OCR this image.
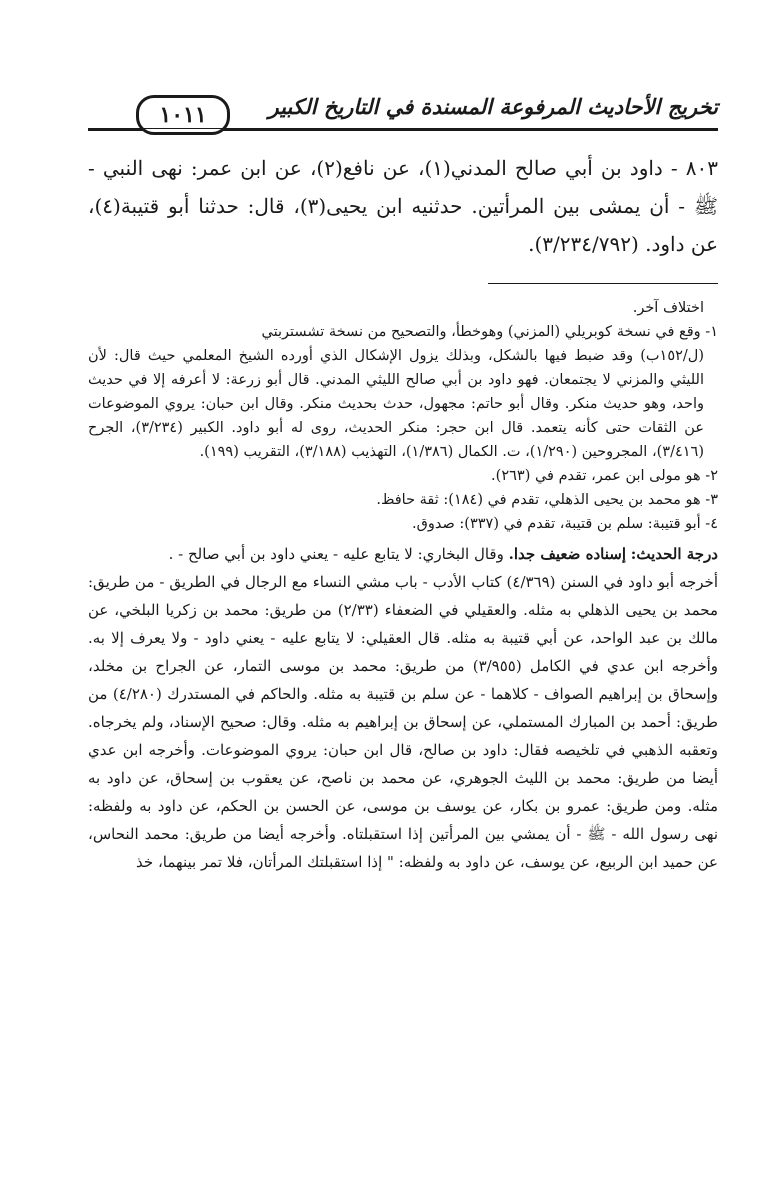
تخريج الأحاديث المرفوعة المسندة في التاريخ الكبير
١٠١١

٨٠٣ - داود بن أبي صالح المدني(١)، عن نافع(٢)، عن ابن عمر: نهى النبي - ﷺ - أن يمشى بين المرأتين. حدثنيه ابن يحيى(٣)، قال: حدثنا أبو قتيبة(٤)، عن داود. (٣/٢٣٤/٧٩٢).

اختلاف آخر.

١- وقع في نسخة كوبريلي (المزني) وهوخطأ، والتصحيح من نسخة تشستربتي

(ل/١٥٢ب) وقد ضبط فيها بالشكل، وبذلك يزول الإشكال الذي أورده الشيخ المعلمي حيث قال: لأن الليثي والمزني لا يجتمعان. فهو داود بن أبي صالح الليثي المدني. قال أبو زرعة: لا أعرفه إلا في حديث واحد، وهو حديث منكر. وقال أبو حاتم: مجهول، حدث بحديث منكر. وقال ابن حبان: يروي الموضوعات عن الثقات حتى كأنه يتعمد. قال ابن حجر: منكر الحديث، روى له أبو داود. الكبير (٣/٢٣٤)، الجرح (٣/٤١٦)، المجروحين (١/٢٩٠)، ت. الكمال (١/٣٨٦)، التهذيب (٣/١٨٨)، التقريب (١٩٩).

٢- هو مولى ابن عمر، تقدم في (٢٦٣).

٣- هو محمد بن يحيى الذهلي، تقدم في (١٨٤): ثقة حافظ.

٤- أبو قتيبة: سلم بن قتيبة، تقدم في (٣٣٧): صدوق.

درجة الحديث: إسناده ضعيف جدا. وقال البخاري: لا يتابع عليه - يعني داود بن أبي صالح - .

أخرجه أبو داود في السنن (٤/٣٦٩) كتاب الأدب - باب مشي النساء مع الرجال في الطريق - من طريق: محمد بن يحيى الذهلي به مثله. والعقيلي في الضعفاء (٢/٣٣) من طريق: محمد بن زكريا البلخي، عن مالك بن عبد الواحد، عن أبي قتيبة به مثله. قال العقيلي: لا يتابع عليه - يعني داود - ولا يعرف إلا به. وأخرجه ابن عدي في الكامل (٣/٩٥٥) من طريق: محمد بن موسى التمار، عن الجراح بن مخلد، وإسحاق بن إبراهيم الصواف - كلاهما - عن سلم بن قتيبة به مثله. والحاكم في المستدرك (٤/٢٨٠) من طريق: أحمد بن المبارك المستملي، عن إسحاق بن إبراهيم به مثله. وقال: صحيح الإسناد، ولم يخرجاه. وتعقبه الذهبي في تلخيصه فقال: داود بن صالح، قال ابن حبان: يروي الموضوعات. وأخرجه ابن عدي أيضا من طريق: محمد بن الليث الجوهري، عن محمد بن ناصح، عن يعقوب بن إسحاق، عن داود به مثله. ومن طريق: عمرو بن بكار، عن يوسف بن موسى، عن الحسن بن الحكم، عن داود به ولفظه: نهى رسول الله - ﷺ - أن يمشي بين المرأتين إذا استقبلتاه. وأخرجه أيضا من طريق: محمد النحاس، عن حميد ابن الربيع، عن يوسف، عن داود به ولفظه: " إذا استقبلتك المرأتان، فلا تمر بينهما، خذ
